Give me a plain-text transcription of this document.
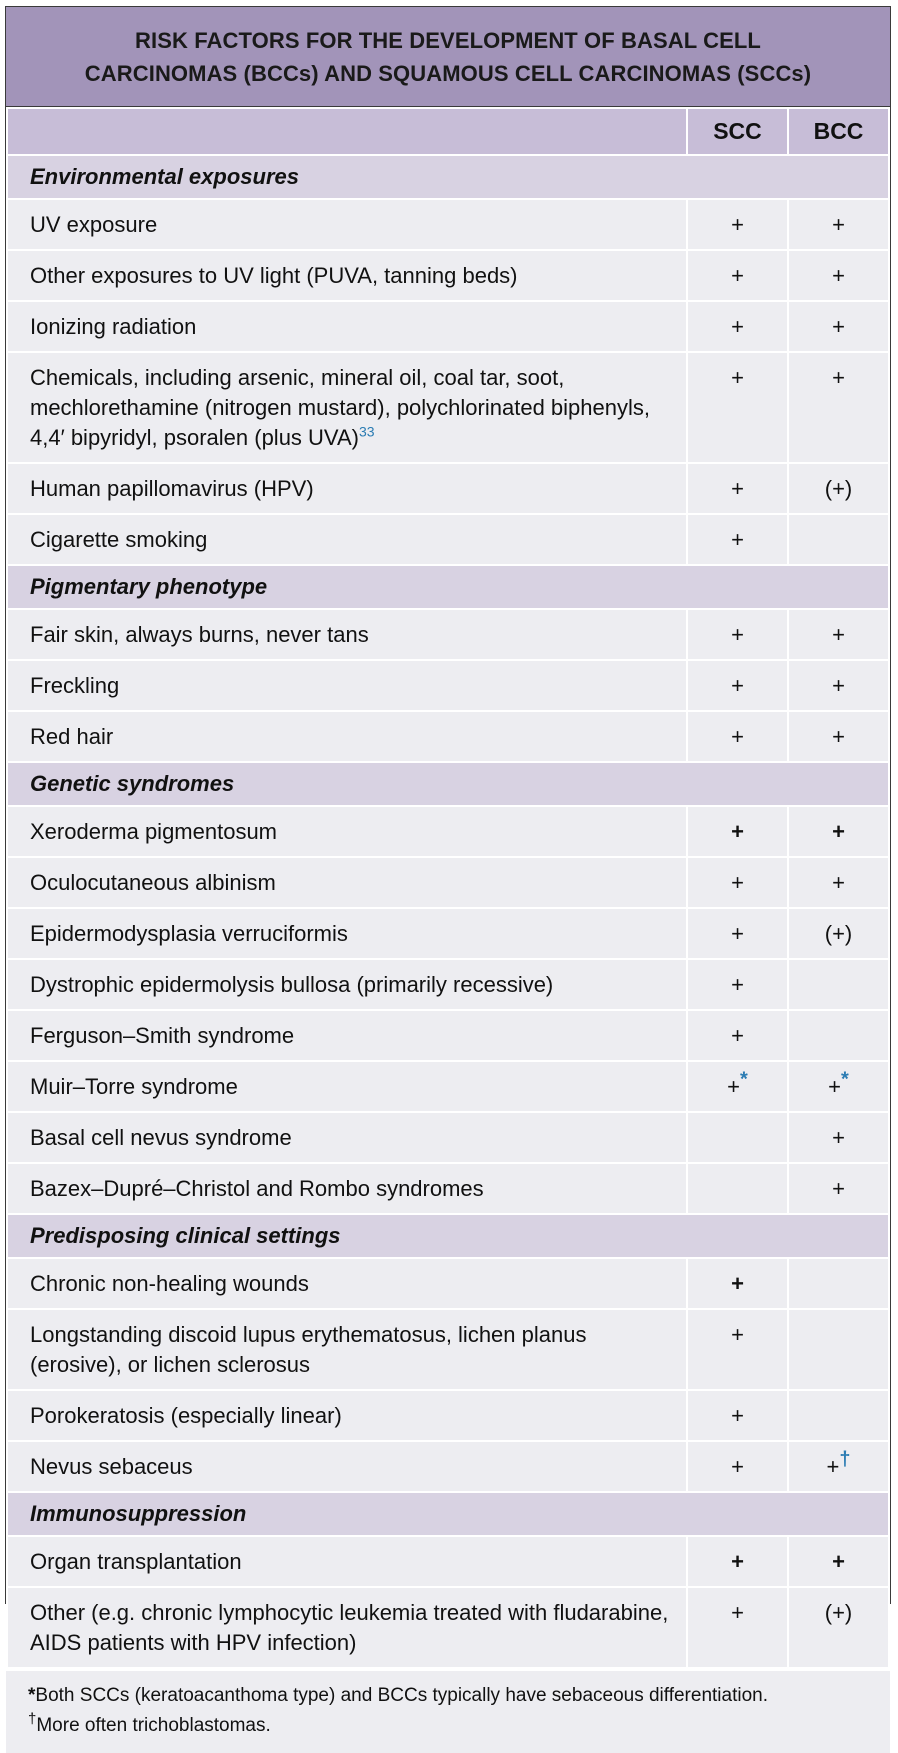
RISK FACTORS FOR THE DEVELOPMENT OF BASAL CELL
CARCINOMAS (BCCs) AND SQUAMOUS CELL CARCINOMAS (SCCs)
	SCC	BCC
Environmental exposures		
UV exposure	+	+
Other exposures to UV light (PUVA, tanning beds)	+	+
Ionizing radiation	+	+
Chemicals, including arsenic, mineral oil, coal tar, soot, mechlorethamine (nitrogen mustard), polychlorinated biphenyls, 4,4′ bipyridyl, psoralen (plus UVA)$^{33}$	+	+
Human papillomavirus (HPV)	+	(+)
Cigarette smoking	+	
Pigmentary phenotype		
Fair skin, always burns, never tans	+	+
Freckling	+	+
Red hair	+	+
Genetic syndromes		
Xeroderma pigmentosum	+	+
Oculocutaneous albinism	+	+
Epidermodysplasia verruciformis	+	(+)
Dystrophic epidermolysis bullosa (primarily recessive)	+	
Ferguson–Smith syndrome	+	
Muir–Torre syndrome	+*	+*
Basal cell nevus syndrome		+
Bazex–Dupré–Christol and Rombo syndromes		+
Predisposing clinical settings		
Chronic non-healing wounds	+	
Longstanding discoid lupus erythematosus, lichen planus (erosive), or lichen sclerosus	+	
Porokeratosis (especially linear)	+	
Nevus sebaceus	+	+†
Immunosuppression		
Organ transplantation	+	+
Other (e.g. chronic lymphocytic leukemia treated with fludarabine, AIDS patients with HPV infection)	+	(+)
*Both SCCs (keratoacanthoma type) and BCCs typically have sebaceous differentiation.
†More often trichoblastomas.
